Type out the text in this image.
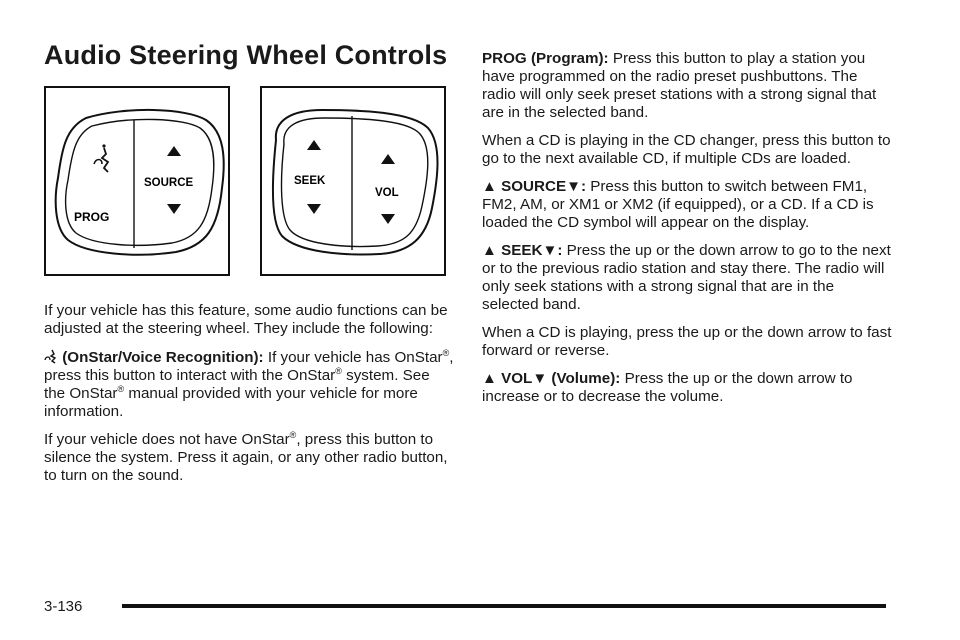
Audio Steering Wheel Controls
PROG
SOURCE	SEEK
VOL

If your vehicle has this feature, some audio functions can be adjusted at the steering wheel. They include the following:

(OnStar/Voice Recognition): If your vehicle has OnStar®, press this button to interact with the OnStar® system. See the OnStar® manual provided with your vehicle for more information.

If your vehicle does not have OnStar®, press this button to silence the system. Press it again, or any other radio button, to turn on the sound.

PROG (Program): Press this button to play a station you have programmed on the radio preset pushbuttons. The radio will only seek preset stations with a strong signal that are in the selected band.

When a CD is playing in the CD changer, press this button to go to the next available CD, if multiple CDs are loaded.

▲ SOURCE▼: Press this button to switch between FM1, FM2, AM, or XM1 or XM2 (if equipped), or a CD. If a CD is loaded the CD symbol will appear on the display.

▲ SEEK▼: Press the up or the down arrow to go to the next or to the previous radio station and stay there. The radio will only seek stations with a strong signal that are in the selected band.

When a CD is playing, press the up or the down arrow to fast forward or reverse.

▲ VOL▼ (Volume): Press the up or the down arrow to increase or to decrease the volume.

3-136
